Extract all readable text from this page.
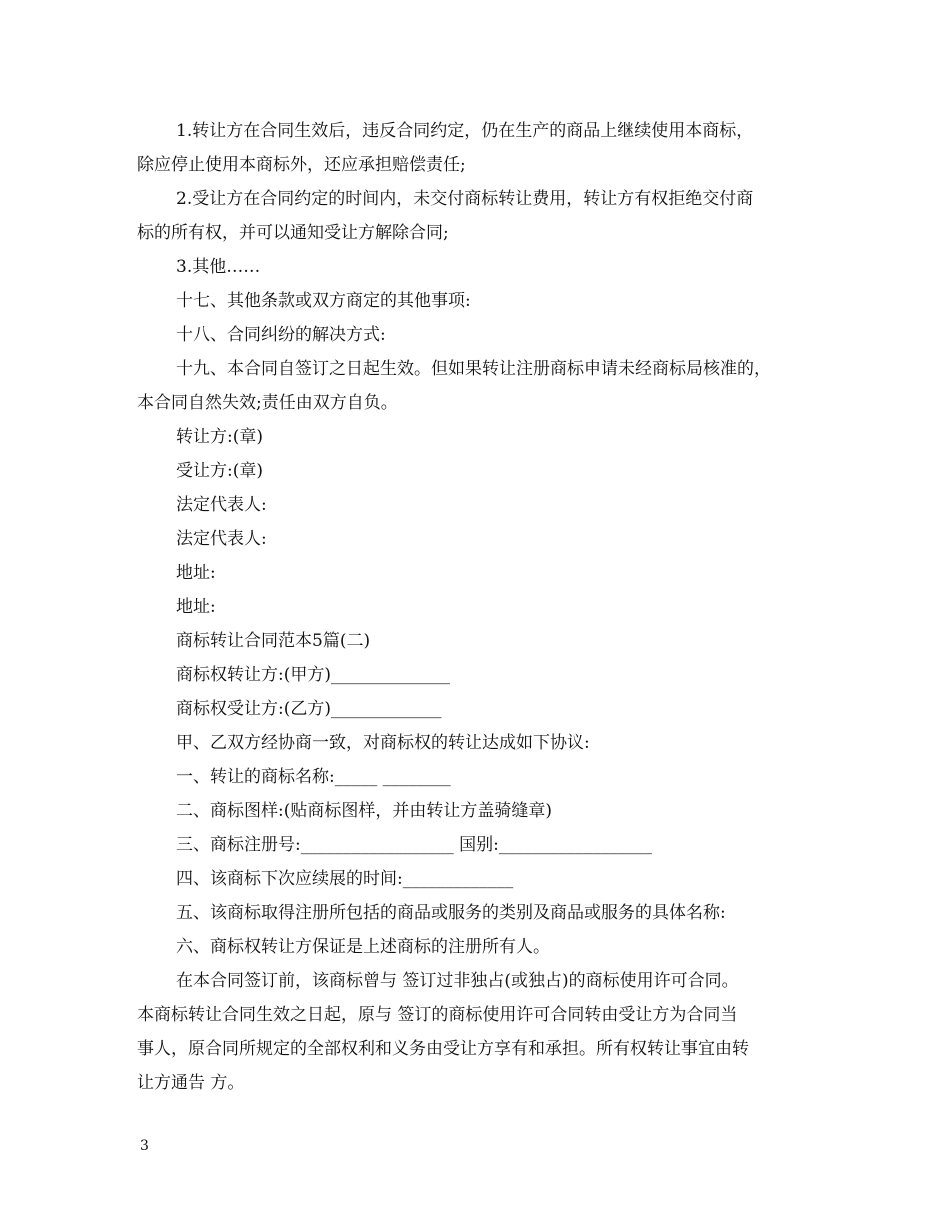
1.转让方在合同生效后，违反合同约定，仍在生产的商品上继续使用本商标，
除应停止使用本商标外，还应承担赔偿责任;
2.受让方在合同约定的时间内，未交付商标转让费用，转让方有权拒绝交付商
标的所有权，并可以通知受让方解除合同;
3.其他……
十七、其他条款或双方商定的其他事项:
十八、合同纠纷的解决方式:
十九、本合同自签订之日起生效。但如果转让注册商标申请未经商标局核准的，
本合同自然失效;责任由双方自负。
转让方:(章)
受让方:(章)
法定代表人:
法定代表人:
地址:
地址:
商标转让合同范本5篇(二)
商标权转让方:(甲方)______________
商标权受让方:(乙方)_____________
甲、乙双方经协商一致，对商标权的转让达成如下协议:
一、转让的商标名称:_____ ________
二、商标图样:(贴商标图样，并由转让方盖骑缝章)
三、商标注册号:__________________ 国别:__________________
四、该商标下次应续展的时间:_____________
五、该商标取得注册所包括的商品或服务的类别及商品或服务的具体名称:
六、商标权转让方保证是上述商标的注册所有人。
在本合同签订前，该商标曾与 签订过非独占(或独占)的商标使用许可合同。
本商标转让合同生效之日起，原与 签订的商标使用许可合同转由受让方为合同当
事人，原合同所规定的全部权利和义务由受让方享有和承担。所有权转让事宜由转
让方通告 方。
3
